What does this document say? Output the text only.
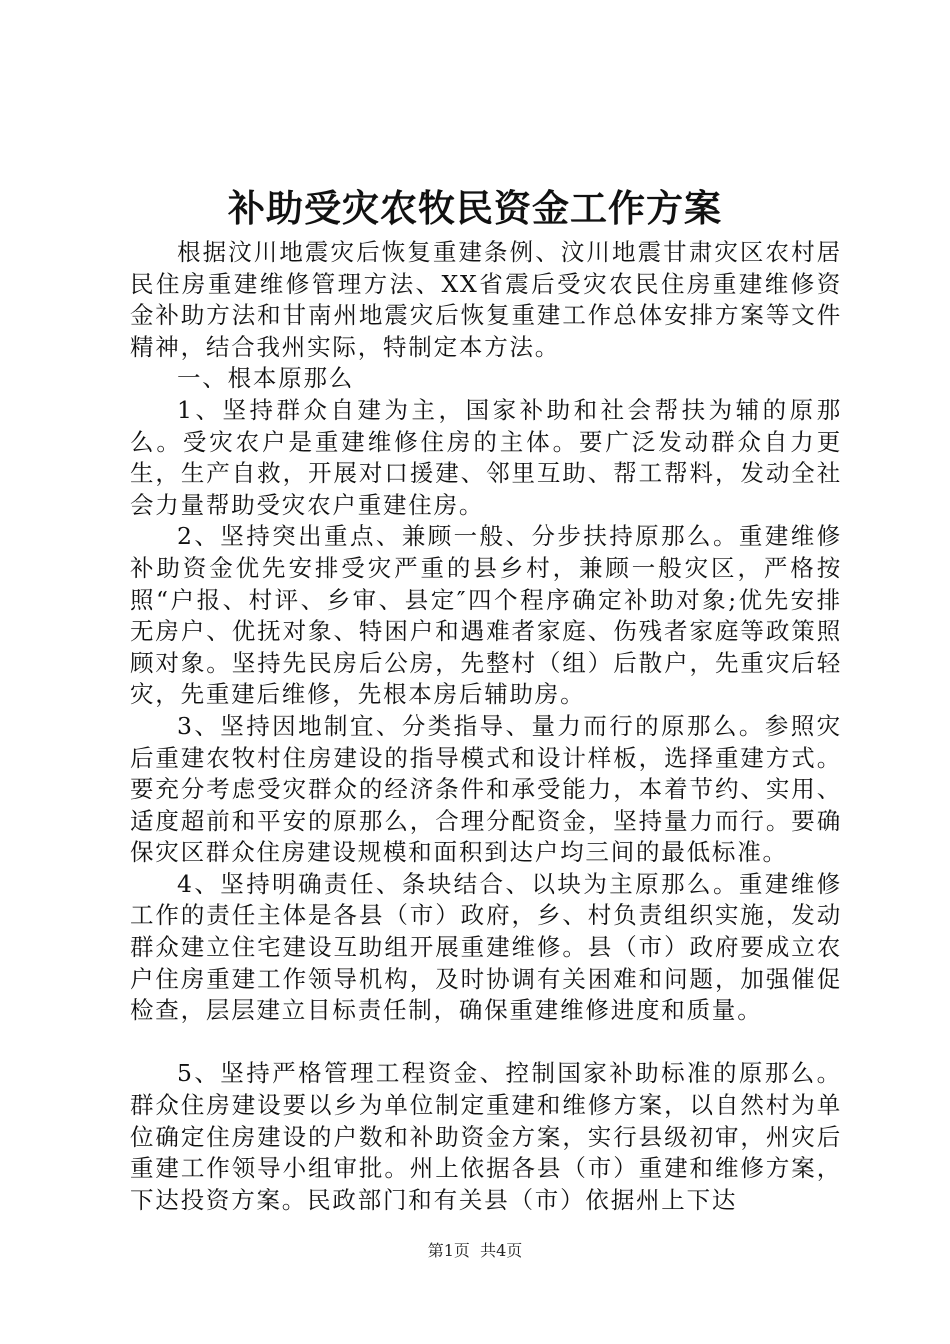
补助受灾农牧民资金工作方案

根据汶川地震灾后恢复重建条例、汶川地震甘肃灾区农村居民住房重建维修管理方法、XX省震后受灾农民住房重建维修资金补助方法和甘南州地震灾后恢复重建工作总体安排方案等文件精神，结合我州实际，特制定本方法。

一、根本原那么

1、坚持群众自建为主，国家补助和社会帮扶为辅的原那么。受灾农户是重建维修住房的主体。要广泛发动群众自力更生，生产自救，开展对口援建、邻里互助、帮工帮料，发动全社会力量帮助受灾农户重建住房。

2、坚持突出重点、兼顾一般、分步扶持原那么。重建维修补助资金优先安排受灾严重的县乡村，兼顾一般灾区，严格按照“户报、村评、乡审、县定″四个程序确定补助对象;优先安排无房户、优抚对象、特困户和遇难者家庭、伤残者家庭等政策照顾对象。坚持先民房后公房，先整村（组）后散户，先重灾后轻灾，先重建后维修，先根本房后辅助房。

3、坚持因地制宜、分类指导、量力而行的原那么。参照灾后重建农牧村住房建设的指导模式和设计样板，选择重建方式。要充分考虑受灾群众的经济条件和承受能力，本着节约、实用、适度超前和平安的原那么，合理分配资金，坚持量力而行。要确保灾区群众住房建设规模和面积到达户均三间的最低标准。

4、坚持明确责任、条块结合、以块为主原那么。重建维修工作的责任主体是各县（市）政府，乡、村负责组织实施，发动群众建立住宅建设互助组开展重建维修。县（市）政府要成立农户住房重建工作领导机构，及时协调有关困难和问题，加强催促检查，层层建立目标责任制，确保重建维修进度和质量。

5、坚持严格管理工程资金、控制国家补助标准的原那么。群众住房建设要以乡为单位制定重建和维修方案，以自然村为单位确定住房建设的户数和补助资金方案，实行县级初审，州灾后重建工作领导小组审批。州上依据各县（市）重建和维修方案，下达投资方案。民政部门和有关县（市）依据州上下达

第1页 共4页
